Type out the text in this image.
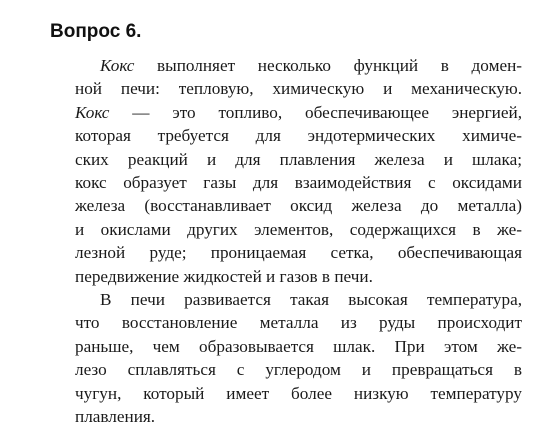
Вопрос 6.
Кокс выполняет несколько функций в домен-
ной печи: тепловую, химическую и механическую.
Кокс — это топливо, обеспечивающее энергией,
которая требуется для эндотермических химиче-
ских реакций и для плавления железа и шлака;
кокс образует газы для взаимодействия с оксидами
железа (восстанавливает оксид железа до металла)
и окислами других элементов, содержащихся в же-
лезной руде; проницаемая сетка, обеспечивающая
передвижение жидкостей и газов в печи.
В печи развивается такая высокая температура,
что восстановление металла из руды происходит
раньше, чем образовывается шлак. При этом же-
лезо сплавляться с углеродом и превращаться в
чугун, который имеет более низкую температуру
плавления.
